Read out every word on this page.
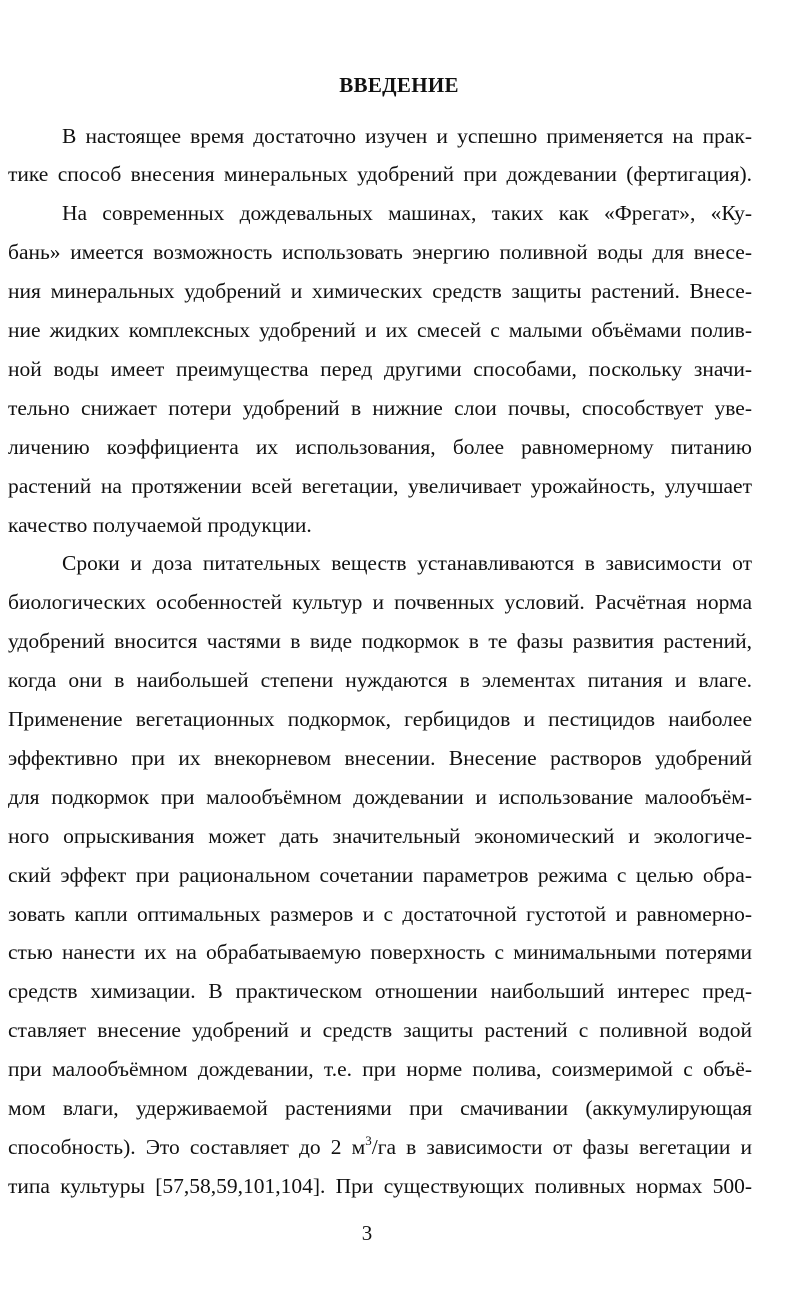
ВВЕДЕНИЕ
В настоящее время достаточно изучен и успешно применяется на прак-
тике способ внесения минеральных удобрений при дождевании (фертигация).
На современных дождевальных машинах, таких как «Фрегат», «Ку-
бань» имеется возможность использовать энергию поливной воды для внесе-
ния минеральных удобрений и химических средств защиты растений. Внесе-
ние жидких комплексных удобрений и их смесей с малыми объёмами полив-
ной воды имеет преимущества перед другими способами, поскольку значи-
тельно снижает потери удобрений в нижние слои почвы, способствует уве-
личению коэффициента их использования, более равномерному питанию
растений на протяжении всей вегетации, увеличивает урожайность, улучшает
качество получаемой продукции.
Сроки и доза питательных веществ устанавливаются в зависимости от
биологических особенностей культур и почвенных условий. Расчётная норма
удобрений вносится частями в виде подкормок в те фазы развития растений,
когда они в наибольшей степени нуждаются в элементах питания и влаге.
Применение вегетационных подкормок, гербицидов и пестицидов наиболее
эффективно при их внекорневом внесении. Внесение растворов удобрений
для подкормок при малообъёмном дождевании и использование малообъём-
ного опрыскивания может дать значительный экономический и экологиче-
ский эффект при рациональном сочетании параметров режима с целью обра-
зовать капли оптимальных размеров и с достаточной густотой и равномерно-
стью нанести их на обрабатываемую поверхность с минимальными потерями
средств химизации. В практическом отношении наибольший интерес пред-
ставляет внесение удобрений и средств защиты растений с поливной водой
при малообъёмном дождевании, т.е. при норме полива, соизмеримой с объё-
мом влаги, удерживаемой растениями при смачивании (аккумулирующая
способность). Это составляет до 2 $м^3/га$ в зависимости от фазы вегетации и
типа культуры [57,58,59,101,104]. При существующих поливных нормах 500-
3
